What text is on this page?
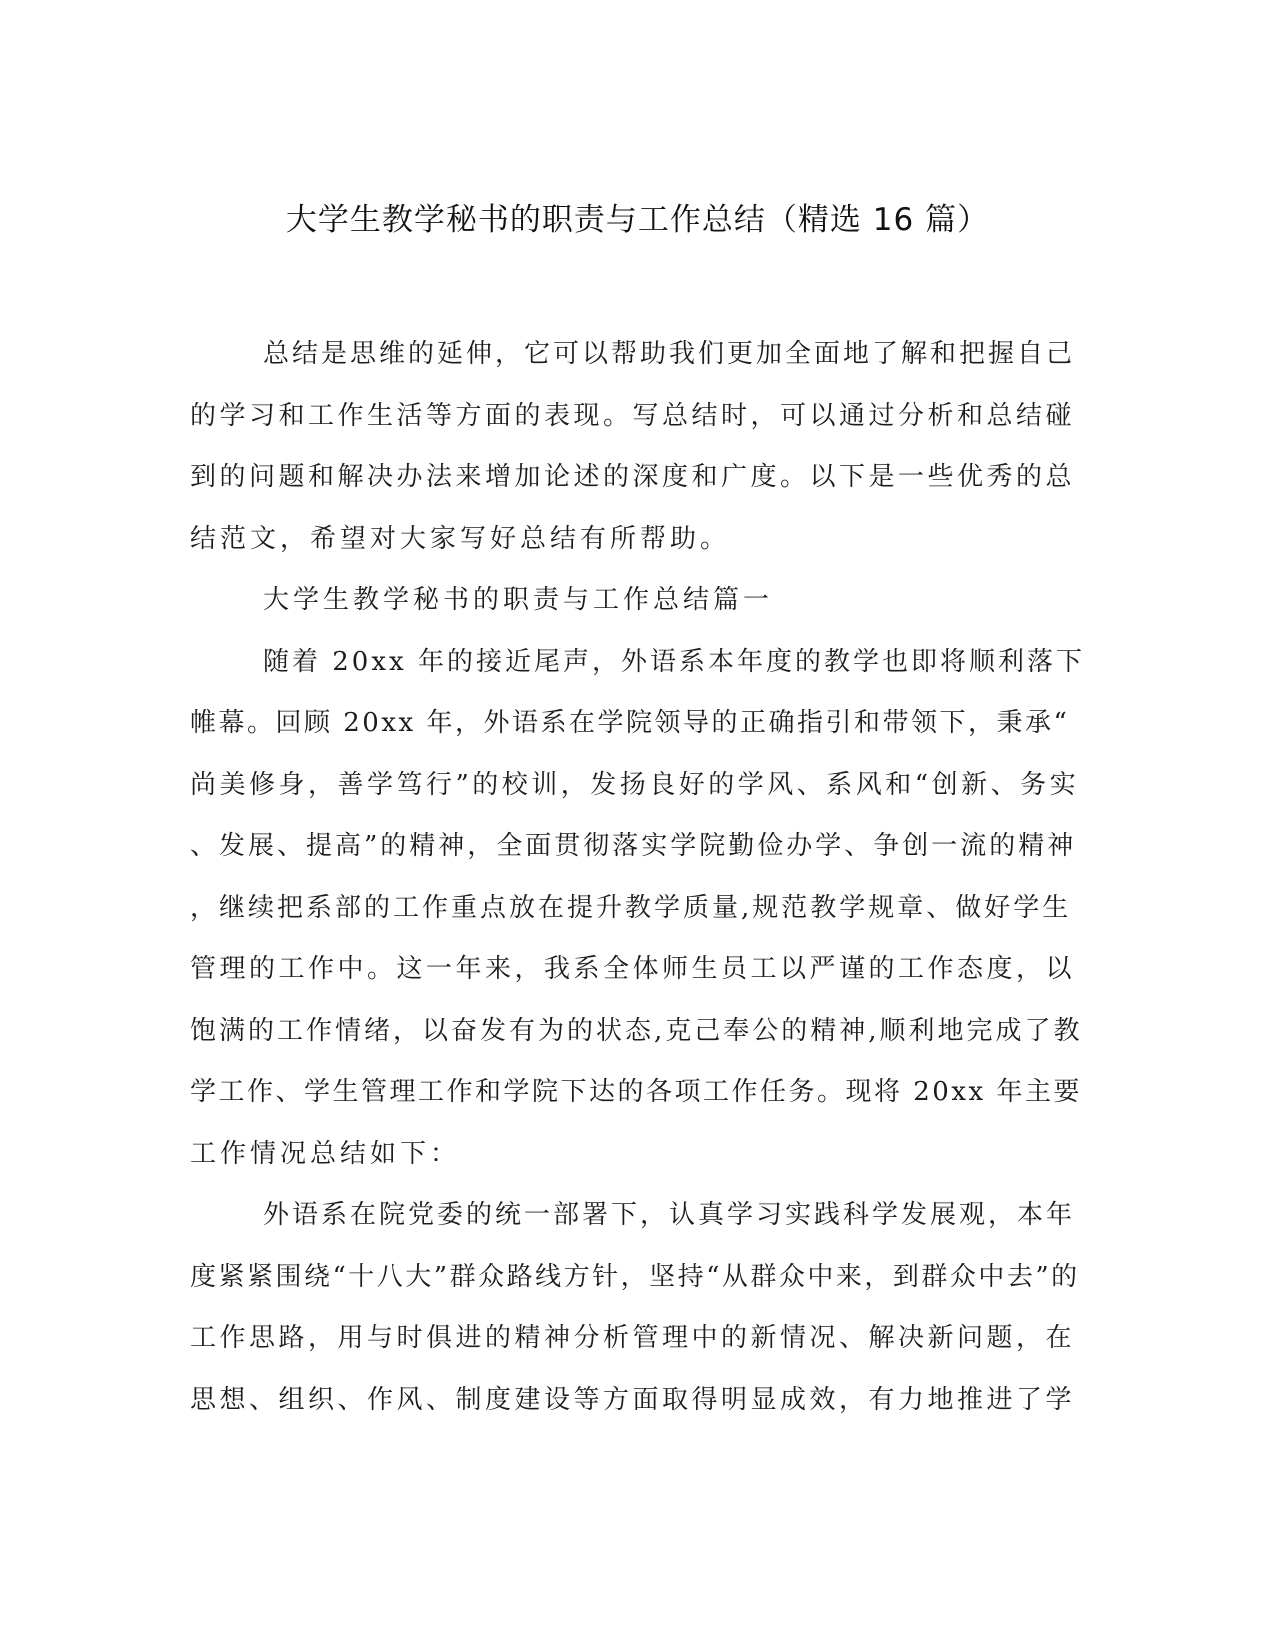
大学生教学秘书的职责与工作总结（精选 16 篇）
总结是思维的延伸，它可以帮助我们更加全面地了解和把握自己
的学习和工作生活等方面的表现。写总结时，可以通过分析和总结碰
到的问题和解决办法来增加论述的深度和广度。以下是一些优秀的总
结范文，希望对大家写好总结有所帮助。
大学生教学秘书的职责与工作总结篇一
随着 20xx 年的接近尾声，外语系本年度的教学也即将顺利落下
帷幕。回顾 20xx 年，外语系在学院领导的正确指引和带领下，秉承“
尚美修身，善学笃行”的校训，发扬良好的学风、系风和“创新、务实
、发展、提高”的精神，全面贯彻落实学院勤俭办学、争创一流的精神
，继续把系部的工作重点放在提升教学质量,规范教学规章、做好学生
管理的工作中。这一年来，我系全体师生员工以严谨的工作态度，以
饱满的工作情绪，以奋发有为的状态,克己奉公的精神,顺利地完成了教
学工作、学生管理工作和学院下达的各项工作任务。现将 20xx 年主要
工作情况总结如下：
外语系在院党委的统一部署下，认真学习实践科学发展观，本年
度紧紧围绕“十八大”群众路线方针，坚持“从群众中来，到群众中去”的
工作思路，用与时俱进的精神分析管理中的新情况、解决新问题，在
思想、组织、作风、制度建设等方面取得明显成效，有力地推进了学
